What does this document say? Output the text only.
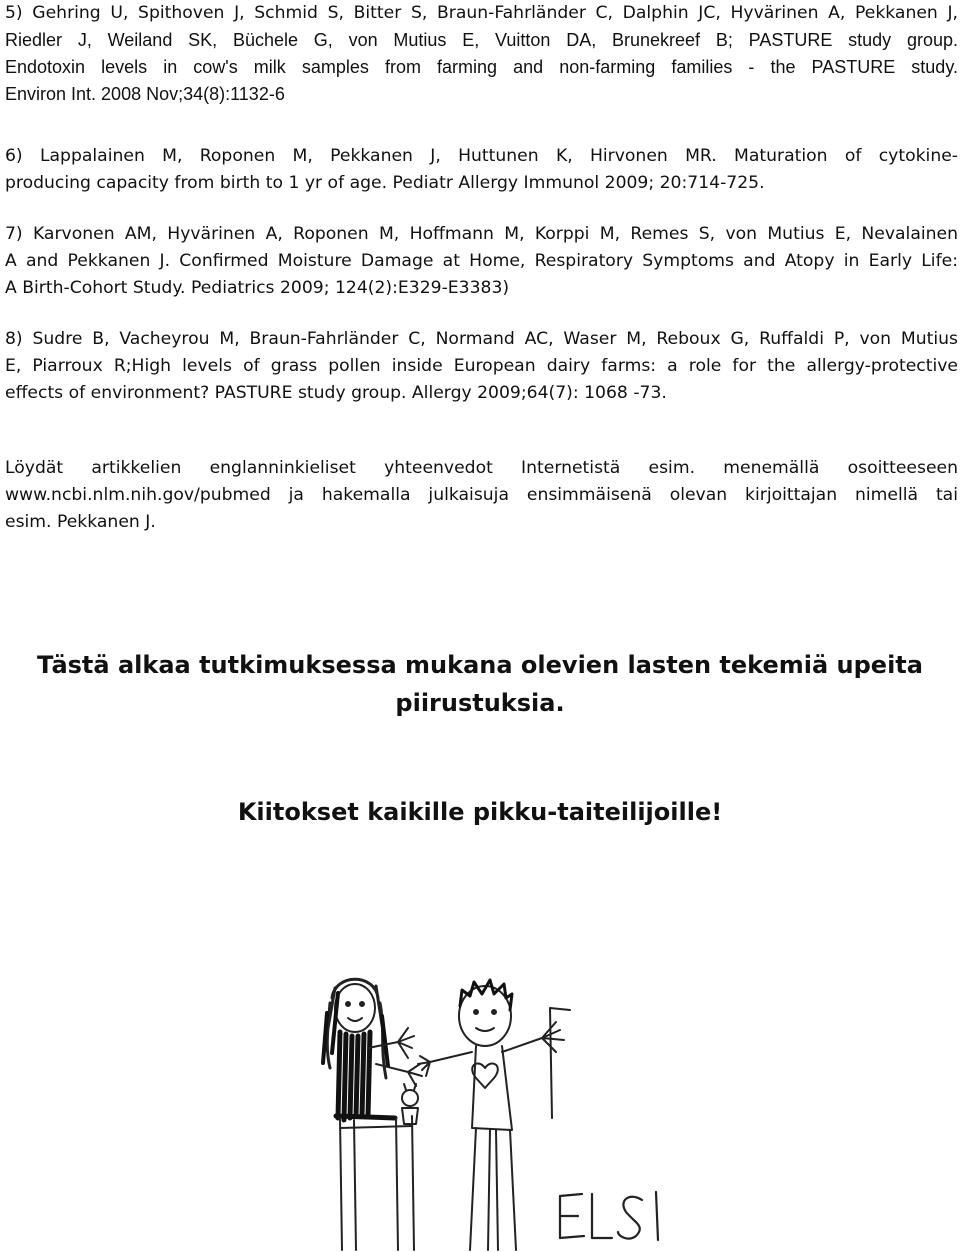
5) Gehring U, Spithoven J, Schmid S, Bitter S, Braun-Fahrländer C, Dalphin JC, Hyvärinen A, Pekkanen J,

Riedler J, Weiland SK, Büchele G, von Mutius E, Vuitton DA, Brunekreef B; PASTURE study group.

Endotoxin levels in cow's milk samples from farming and non-farming families - the PASTURE study.

Environ Int. 2008 Nov;34(8):1132-6

6) Lappalainen M, Roponen M, Pekkanen J, Huttunen K, Hirvonen MR. Maturation of cytokine-

producing capacity from birth to 1 yr of age. Pediatr Allergy Immunol 2009; 20:714-725.

7) Karvonen AM, Hyvärinen A, Roponen M, Hoffmann M, Korppi M, Remes S, von Mutius E, Nevalainen

A and Pekkanen J. Confirmed Moisture Damage at Home, Respiratory Symptoms and Atopy in Early Life:

A Birth-Cohort Study. Pediatrics 2009; 124(2):E329-E3383)

8) Sudre B, Vacheyrou M, Braun-Fahrländer C, Normand AC, Waser M, Reboux G, Ruffaldi P, von Mutius

E, Piarroux R;High levels of grass pollen inside European dairy farms: a role for the allergy-protective

effects of environment? PASTURE study group. Allergy 2009;64(7): 1068 -73.

Löydät artikkelien englanninkieliset yhteenvedot Internetistä esim. menemällä osoitteeseen

www.ncbi.nlm.nih.gov/pubmed ja hakemalla julkaisuja ensimmäisenä olevan kirjoittajan nimellä tai

esim. Pekkanen J.

Tästä alkaa tutkimuksessa mukana olevien lasten tekemiä upeita
piirustuksia.
Kiitokset kaikille pikku-taiteilijoille!
ELSI
